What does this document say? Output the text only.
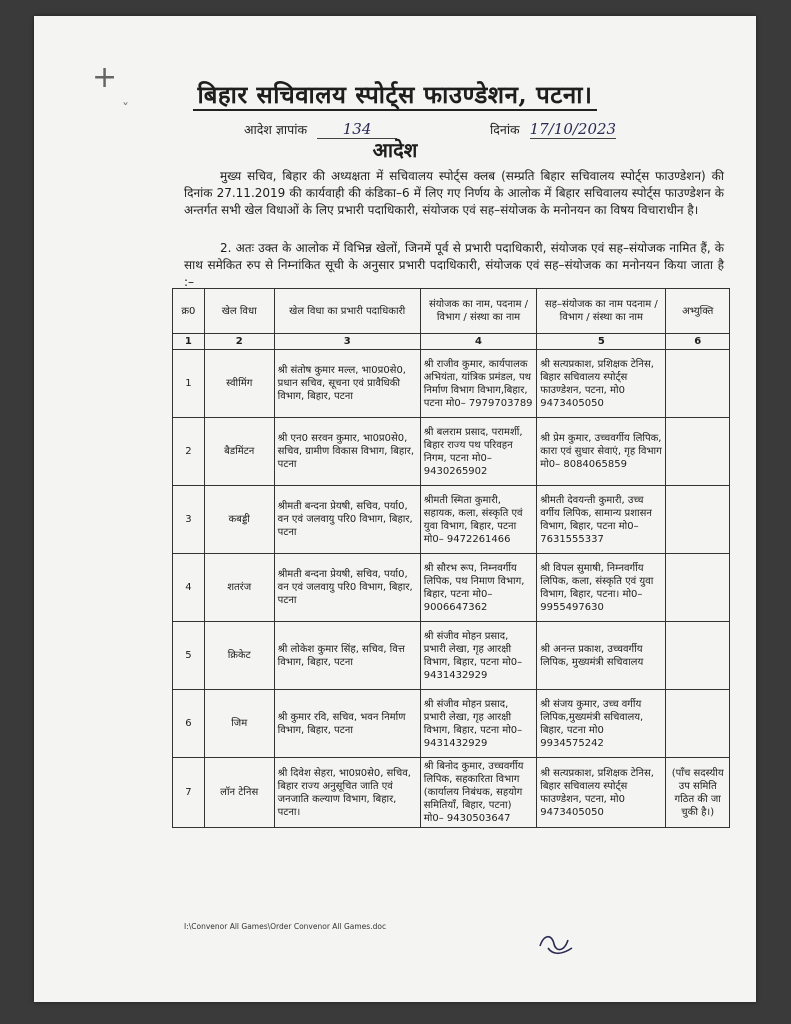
+
ˇ
बिहार सचिवालय स्पोर्ट्स फाउण्डेशन, पटना।
आदेश ज्ञापांक 134	दिनांक 17/10/2023
आदेश
मुख्य सचिव, बिहार की अध्यक्षता में सचिवालय स्पोर्ट्स क्लब (सम्प्रति बिहार सचिवालय स्पोर्ट्स फाउण्डेशन) की दिनांक 27.11.2019 की कार्यवाही की कंडिका–6 में लिए गए निर्णय के आलोक में बिहार सचिवालय स्पोर्ट्स फाउण्डेशन के अन्तर्गत सभी खेल विधाओं के लिए प्रभारी पदाधिकारी, संयोजक एवं सह–संयोजक के मनोनयन का विषय विचाराधीन है।
2. अतः उक्त के आलोक में विभिन्न खेलों, जिनमें पूर्व से प्रभारी पदाधिकारी, संयोजक एवं सह–संयोजक नामित हैं, के साथ समेकित रुप से निम्नांकित सूची के अनुसार प्रभारी पदाधिकारी, संयोजक एवं सह–संयोजक का मनोनयन किया जाता है :–
क्र0	खेल विधा	खेल विधा का प्रभारी पदाधिकारी	संयोजक का नाम, पदनाम / विभाग / संस्था का नाम	सह–संयोजक का नाम पदनाम / विभाग / संस्था का नाम	अभ्युक्ति
1	2	3	4	5	6
1	स्वीमिंग	श्री संतोष कुमार मल्ल, भा0प्र0से0, प्रधान सचिव, सूचना एवं प्रावैधिकी विभाग, बिहार, पटना	श्री राजीव कुमार, कार्यपालक अभियंता, यांत्रिक प्रमंडल, पथ निर्माण विभाग विभाग,बिहार, पटना मो0– 7979703789	श्री सत्यप्रकाश, प्रशिक्षक टेनिस, बिहार सचिवालय स्पोर्ट्स फाउण्डेशन, पटना, मो0 9473405050	
2	बैडमिंटन	श्री एन0 सरवन कुमार, भा0प्र0से0, सचिव, ग्रामीण विकास विभाग, बिहार, पटना	श्री बलराम प्रसाद, परामर्शी, बिहार राज्य पथ परिवहन निगम, पटना मो0– 9430265902	श्री प्रेम कुमार, उच्चवर्गीय लिपिक, कारा एवं सुधार सेवाएं, गृह विभाग मो0– 8084065859	
3	कबड्डी	श्रीमती बन्दना प्रेयषी, सचिव, पर्या0, वन एवं जलवायु परि0 विभाग, बिहार, पटना	श्रीमती स्मिता कुमारी, सहायक, कला, संस्कृति एवं युवा विभाग, बिहार, पटना मो0– 9472261466	श्रीमती देवयन्ती कुमारी, उच्च वर्गीय लिपिक, सामान्य प्रशासन विभाग, बिहार, पटना मो0– 7631555337	
4	शतरंज	श्रीमती बन्दना प्रेयषी, सचिव, पर्या0, वन एवं जलवायु परि0 विभाग, बिहार, पटना	श्री सौरभ रूप, निम्नवर्गीय लिपिक, पथ निमाण विभाग, बिहार, पटना मो0– 9006647362	श्री विपल सुमाषी, निम्नवर्गीय लिपिक, कला, संस्कृति एवं युवा विभाग, बिहार, पटना। मो0– 9955497630	
5	क्रिकेट	श्री लोकेश कुमार सिंह, सचिव, वित्त विभाग, बिहार, पटना	श्री संजीव मोहन प्रसाद, प्रभारी लेखा, गृह आरक्षी विभाग, बिहार, पटना मो0– 9431432929	श्री अनन्त प्रकाश, उच्चवर्गीय लिपिक, मुख्यमंत्री सचिवालय	
6	जिम	श्री कुमार रवि, सचिव, भवन निर्माण विभाग, बिहार, पटना	श्री संजीव मोहन प्रसाद, प्रभारी लेखा, गृह आरक्षी विभाग, बिहार, पटना मो0– 9431432929	श्री संजय कुमार, उच्च वर्गीय लिपिक,मुख्यमंत्री सचिवालय, बिहार, पटना मो0 9934575242	
7	लॉन टेनिस	श्री दिवेश सेहरा, भा0प्र0से0, सचिव, बिहार राज्य अनुसूचित जाति एवं जनजाति कल्याण विभाग, बिहार, पटना।	श्री बिनोद कुमार, उच्चवर्गीय लिपिक, सहकारिता विभाग (कार्यालय निबंधक, सहयोग समितियाँ, बिहार, पटना) मो0– 9430503647	श्री सत्यप्रकाश, प्रशिक्षक टेनिस, बिहार सचिवालय स्पोर्ट्स फाउण्डेशन, पटना, मो0 9473405050	(पाँच सदस्यीय उप समिति गठित की जा चुकी है।)
I:\Convenor All Games\Order Convenor All Games.doc
